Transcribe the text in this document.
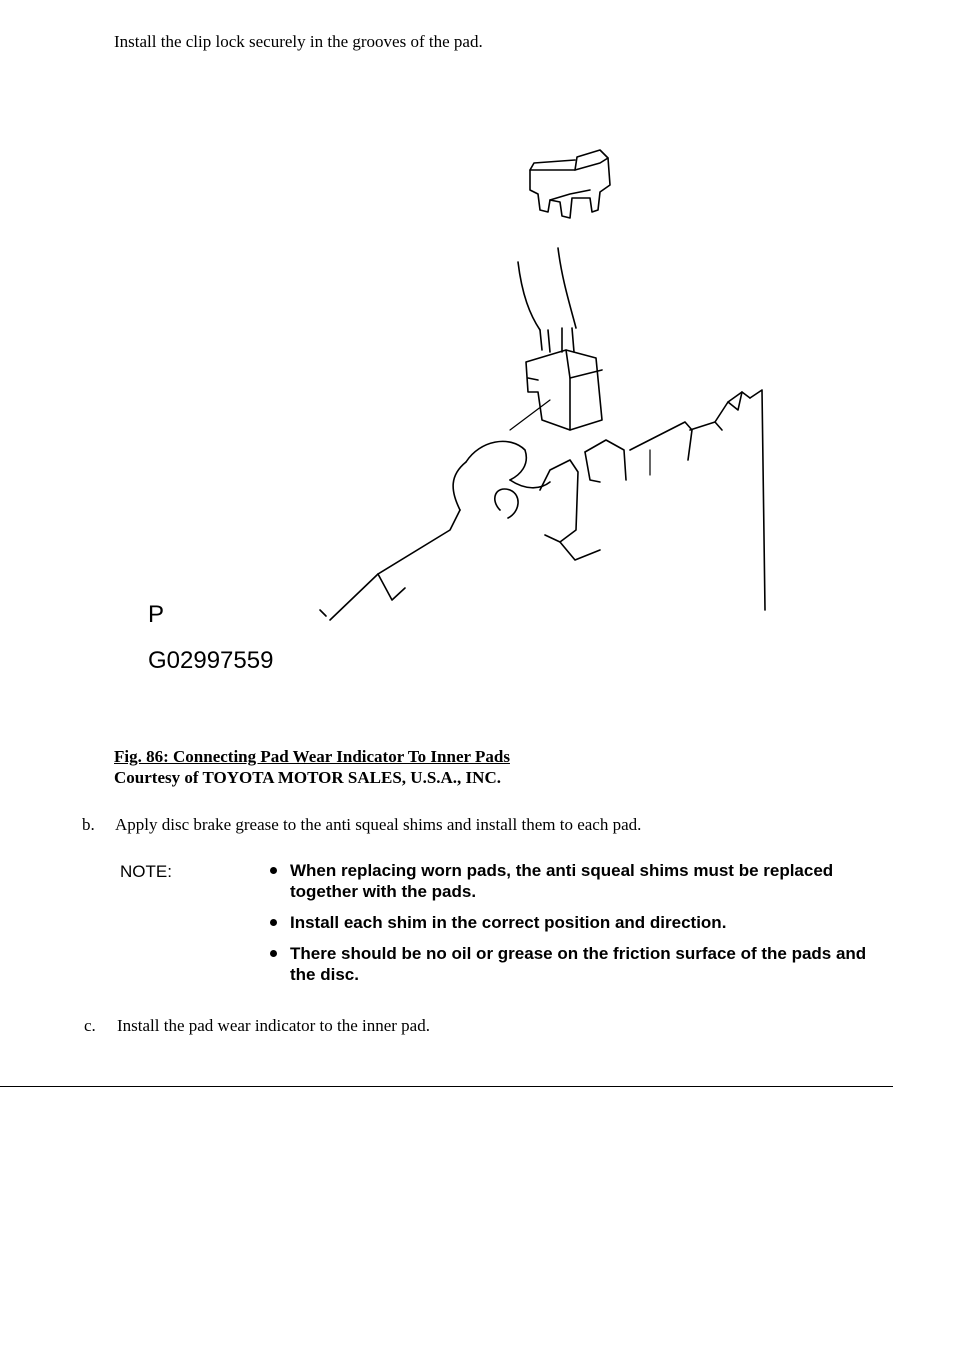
Install the clip lock securely in the grooves of the pad.
P
G02997559
Fig. 86: Connecting Pad Wear Indicator To Inner Pads
Courtesy of TOYOTA MOTOR SALES, U.S.A., INC.
b. Apply disc brake grease to the anti squeal shims and install them to each pad.
NOTE:	When replacing worn pads, the anti squeal shims must be replaced together with the pads.
Install each shim in the correct position and direction.
There should be no oil or grease on the friction surface of the pads and the disc.
c. Install the pad wear indicator to the inner pad.
